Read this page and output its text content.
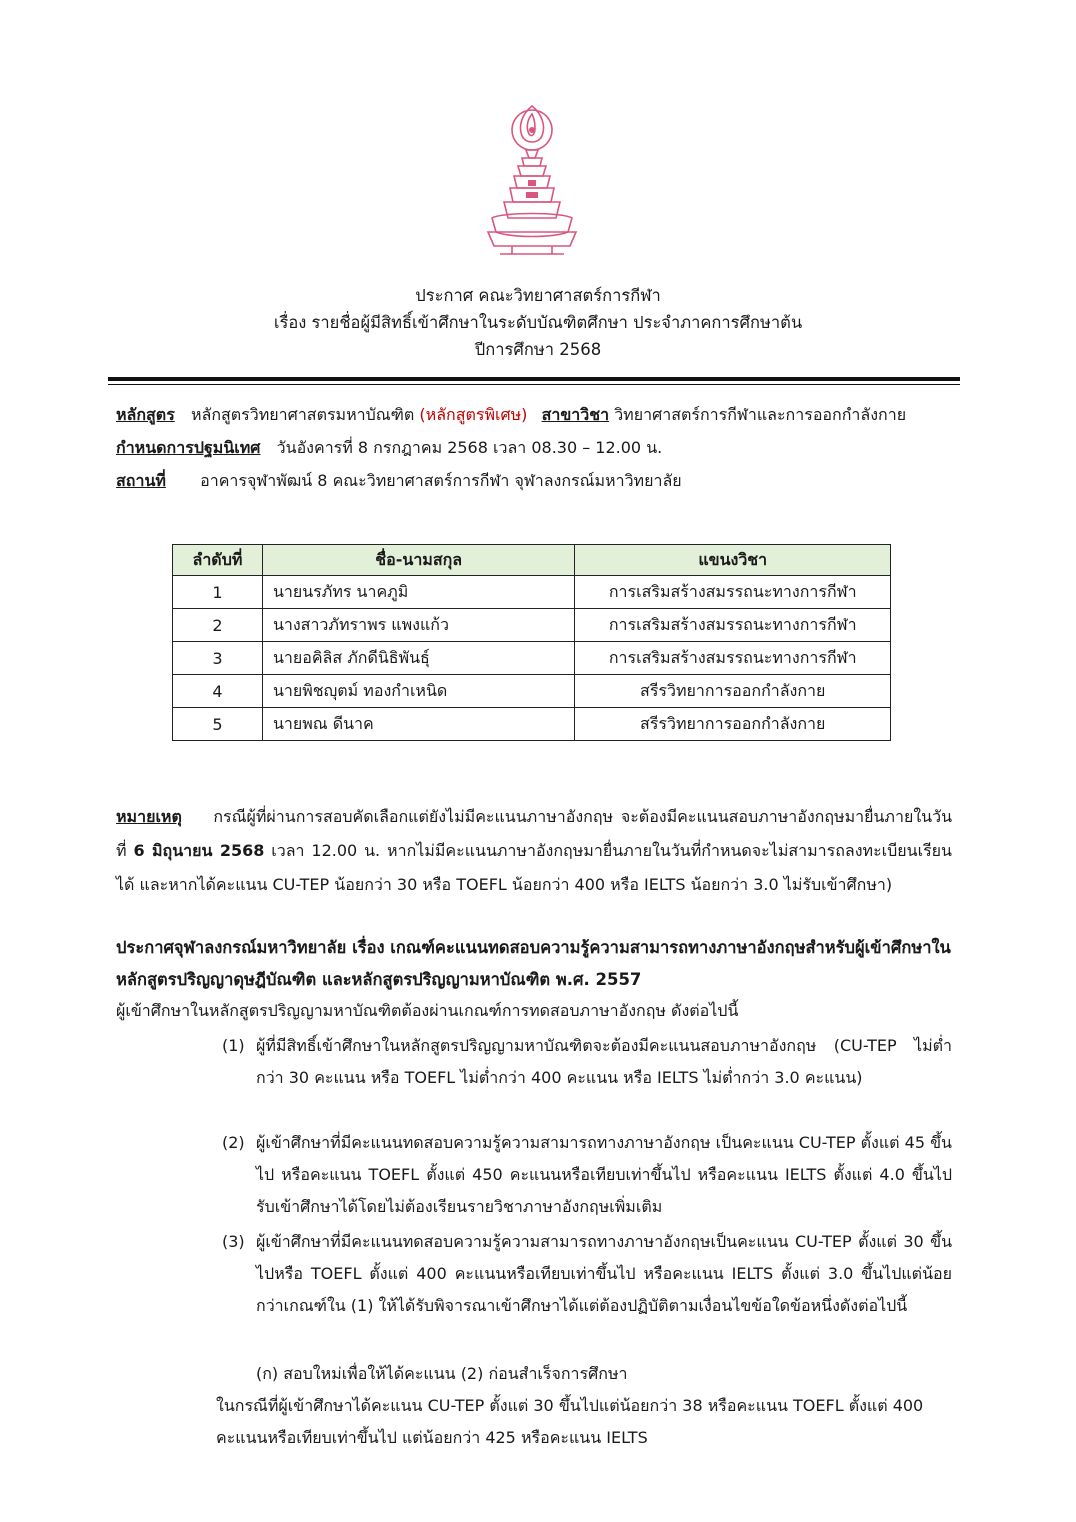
ประกาศ คณะวิทยาศาสตร์การกีฬา
เรื่อง รายชื่อผู้มีสิทธิ์เข้าศึกษาในระดับบัณฑิตศึกษา ประจำภาคการศึกษาต้น
ปีการศึกษา 2568
หลักสูตร หลักสูตรวิทยาศาสตรมหาบัณฑิต (หลักสูตรพิเศษ) สาขาวิชา วิทยาศาสตร์การกีฬาและการออกกำลังกาย
กำหนดการปฐมนิเทศ วันอังคารที่ 8 กรกฎาคม 2568 เวลา 08.30 – 12.00 น.
สถานที่ อาคารจุฬาพัฒน์ 8 คณะวิทยาศาสตร์การกีฬา จุฬาลงกรณ์มหาวิทยาลัย
ลำดับที่	ชื่อ-นามสกุล	แขนงวิชา
1	นายนรภัทร นาคภูมิ	การเสริมสร้างสมรรถนะทางการกีฬา
2	นางสาวภัทราพร แพงแก้ว	การเสริมสร้างสมรรถนะทางการกีฬา
3	นายอคิลิส ภักดีนิธิพันธุ์	การเสริมสร้างสมรรถนะทางการกีฬา
4	นายพิชญุตม์ ทองกำเหนิด	สรีรวิทยาการออกกำลังกาย
5	นายพณ ดีนาค	สรีรวิทยาการออกกำลังกาย
หมายเหตุ กรณีผู้ที่ผ่านการสอบคัดเลือกแต่ยังไม่มีคะแนนภาษาอังกฤษ จะต้องมีคะแนนสอบภาษาอังกฤษมายื่นภายในวันที่ 6 มิถุนายน 2568 เวลา 12.00 น. หากไม่มีคะแนนภาษาอังกฤษมายื่นภายในวันที่กำหนดจะไม่สามารถลงทะเบียนเรียนได้ และหากได้คะแนน CU-TEP น้อยกว่า 30 หรือ TOEFL น้อยกว่า 400 หรือ IELTS น้อยกว่า 3.0 ไม่รับเข้าศึกษา)
ประกาศจุฬาลงกรณ์มหาวิทยาลัย เรื่อง เกณฑ์คะแนนทดสอบความรู้ความสามารถทางภาษาอังกฤษสำหรับผู้เข้าศึกษาในหลักสูตรปริญญาดุษฎีบัณฑิต และหลักสูตรปริญญามหาบัณฑิต พ.ศ. 2557
ผู้เข้าศึกษาในหลักสูตรปริญญามหาบัณฑิตต้องผ่านเกณฑ์การทดสอบภาษาอังกฤษ ดังต่อไปนี้
(1) ผู้ที่มีสิทธิ์เข้าศึกษาในหลักสูตรปริญญามหาบัณฑิตจะต้องมีคะแนนสอบภาษาอังกฤษ (CU-TEP ไม่ต่ำกว่า 30 คะแนน หรือ TOEFL ไม่ต่ำกว่า 400 คะแนน หรือ IELTS ไม่ต่ำกว่า 3.0 คะแนน)
(2) ผู้เข้าศึกษาที่มีคะแนนทดสอบความรู้ความสามารถทางภาษาอังกฤษ เป็นคะแนน CU-TEP ตั้งแต่ 45 ขึ้นไป หรือคะแนน TOEFL ตั้งแต่ 450 คะแนนหรือเทียบเท่าขึ้นไป หรือคะแนน IELTS ตั้งแต่ 4.0 ขึ้นไป รับเข้าศึกษาได้โดยไม่ต้องเรียนรายวิชาภาษาอังกฤษเพิ่มเติม
(3) ผู้เข้าศึกษาที่มีคะแนนทดสอบความรู้ความสามารถทางภาษาอังกฤษเป็นคะแนน CU-TEP ตั้งแต่ 30 ขึ้นไปหรือ TOEFL ตั้งแต่ 400 คะแนนหรือเทียบเท่าขึ้นไป หรือคะแนน IELTS ตั้งแต่ 3.0 ขึ้นไปแต่น้อยกว่าเกณฑ์ใน (1) ให้ได้รับพิจารณาเข้าศึกษาได้แต่ต้องปฏิบัติตามเงื่อนไขข้อใดข้อหนึ่งดังต่อไปนี้
(ก) สอบใหม่เพื่อให้ได้คะแนน (2) ก่อนสำเร็จการศึกษา
ในกรณีที่ผู้เข้าศึกษาได้คะแนน CU-TEP ตั้งแต่ 30 ขึ้นไปแต่น้อยกว่า 38 หรือคะแนน TOEFL ตั้งแต่ 400 คะแนนหรือเทียบเท่าขึ้นไป แต่น้อยกว่า 425 หรือคะแนน IELTS
